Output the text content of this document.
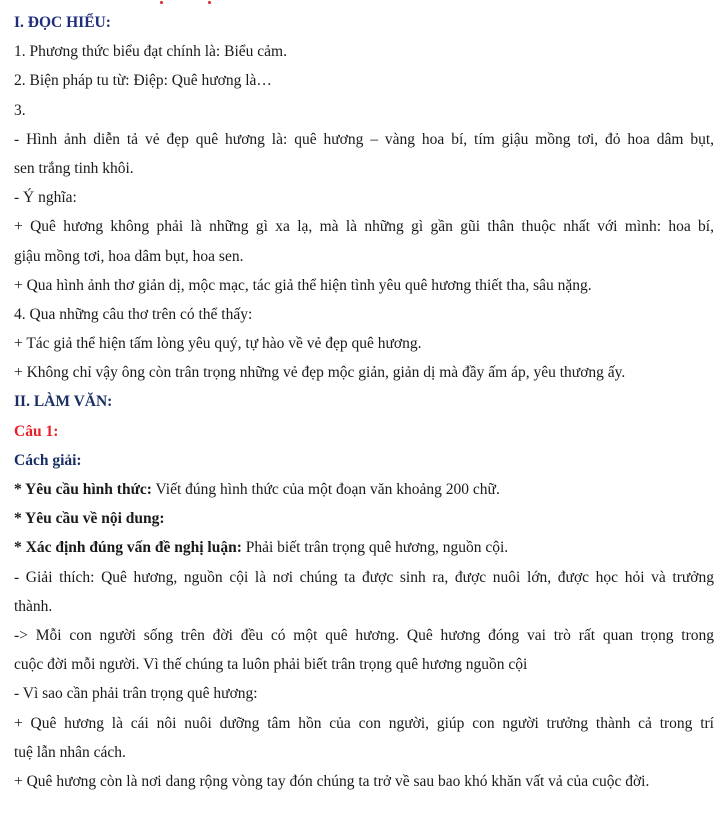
I. ĐỌC HIỂU:
1. Phương thức biểu đạt chính là: Biểu cảm.
2. Biện pháp tu từ: Điệp: Quê hương là…
3.
- Hình ảnh diễn tả vẻ đẹp quê hương là: quê hương – vàng hoa bí, tím giậu mồng tơi, đỏ hoa dâm bụt,
sen trắng tinh khôi.
- Ý nghĩa:
+ Quê hương không phải là những gì xa lạ, mà là những gì gần gũi thân thuộc nhất với mình: hoa bí,
giậu mồng tơi, hoa dâm bụt, hoa sen.
+ Qua hình ảnh thơ giản dị, mộc mạc, tác giả thể hiện tình yêu quê hương thiết tha, sâu nặng.
4. Qua những câu thơ trên có thể thấy:
+ Tác giả thể hiện tấm lòng yêu quý, tự hào về vẻ đẹp quê hương.
+ Không chỉ vậy ông còn trân trọng những vẻ đẹp mộc giản, giản dị mà đầy ấm áp, yêu thương ấy.
II. LÀM VĂN:
Câu 1:
Cách giải:
* Yêu cầu hình thức: Viết đúng hình thức của một đoạn văn khoảng 200 chữ.
* Yêu cầu về nội dung:
* Xác định đúng vấn đề nghị luận: Phải biết trân trọng quê hương, nguồn cội.
- Giải thích: Quê hương, nguồn cội là nơi chúng ta được sinh ra, được nuôi lớn, được học hỏi và trưởng
thành.
-> Mỗi con người sống trên đời đều có một quê hương. Quê hương đóng vai trò rất quan trọng trong
cuộc đời mỗi người. Vì thế chúng ta luôn phải biết trân trọng quê hương nguồn cội
- Vì sao cần phải trân trọng quê hương:
+ Quê hương là cái nôi nuôi dưỡng tâm hồn của con người, giúp con người trưởng thành cả trong trí
tuệ lẫn nhân cách.
+ Quê hương còn là nơi dang rộng vòng tay đón chúng ta trở về sau bao khó khăn vất vả của cuộc đời.
